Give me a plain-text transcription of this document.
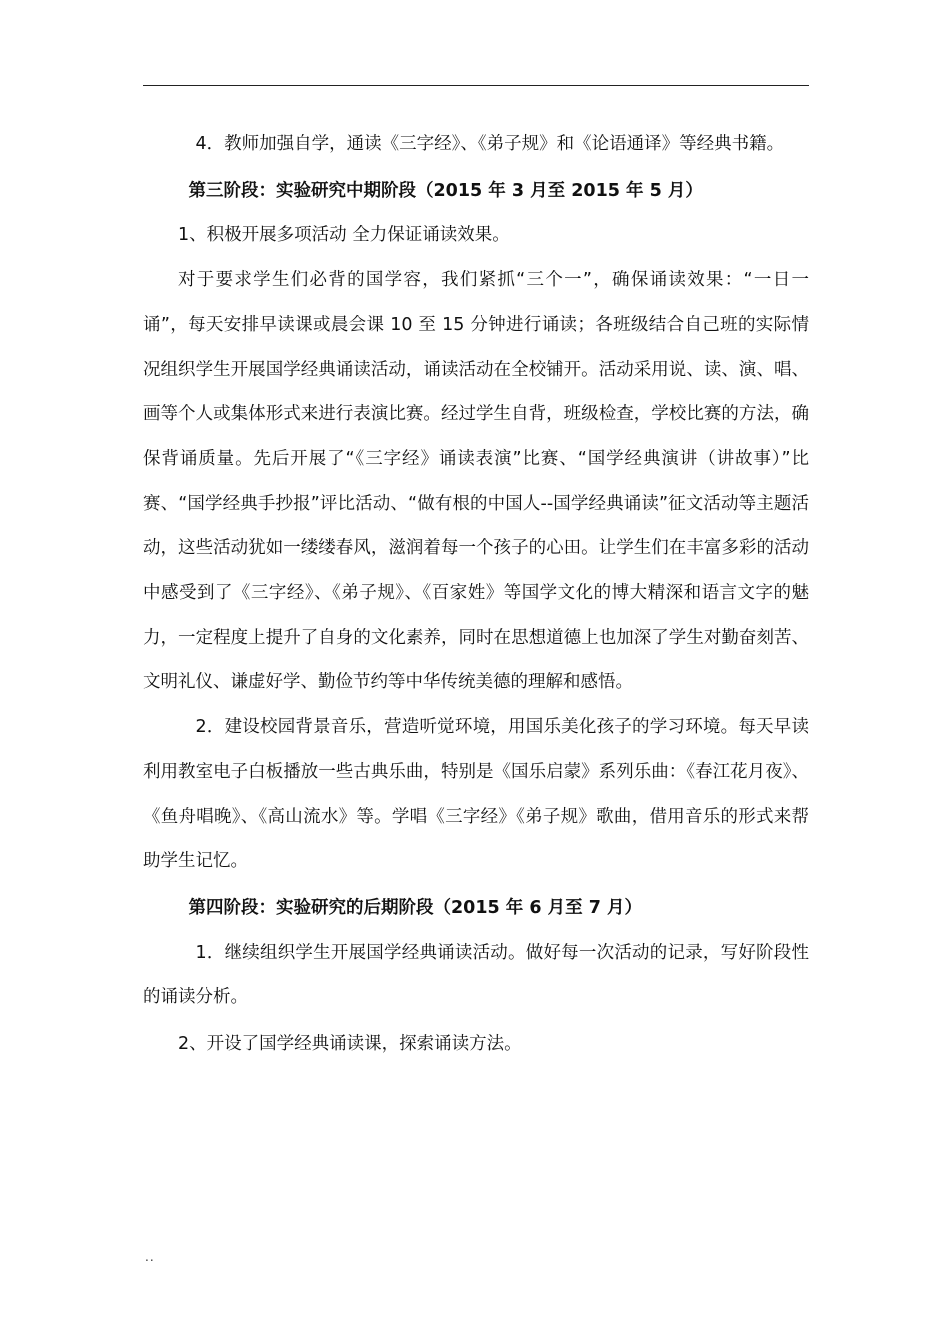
4．教师加强自学，通读《三字经》、《弟子规》和《论语通译》等经典书籍。

第三阶段：实验研究中期阶段（2015 年 3 月至 2015 年 5 月）

1、积极开展多项活动 全力保证诵读效果。

对于要求学生们必背的国学容，我们紧抓“三个一”，确保诵读效果：“一日一诵”，每天安排早读课或晨会课 10 至 15 分钟进行诵读；各班级结合自己班的实际情况组织学生开展国学经典诵读活动，诵读活动在全校铺开。活动采用说、读、演、唱、画等个人或集体形式来进行表演比赛。经过学生自背，班级检查，学校比赛的方法，确保背诵质量。先后开展了“《三字经》诵读表演”比赛、“国学经典演讲（讲故事）”比赛、“国学经典手抄报”评比活动、“做有根的中国人--国学经典诵读”征文活动等主题活动，这些活动犹如一缕缕春风，滋润着每一个孩子的心田。让学生们在丰富多彩的活动中感受到了《三字经》、《弟子规》、《百家姓》等国学文化的博大精深和语言文字的魅力，一定程度上提升了自身的文化素养，同时在思想道德上也加深了学生对勤奋刻苦、文明礼仪、谦虚好学、勤俭节约等中华传统美德的理解和感悟。

2．建设校园背景音乐，营造听觉环境，用国乐美化孩子的学习环境。每天早读利用教室电子白板播放一些古典乐曲，特别是《国乐启蒙》系列乐曲：《春江花月夜》、《鱼舟唱晚》、《高山流水》等。学唱《三字经》《弟子规》歌曲，借用音乐的形式来帮助学生记忆。

第四阶段：实验研究的后期阶段（2015 年 6 月至 7 月）

1．继续组织学生开展国学经典诵读活动。做好每一次活动的记录，写好阶段性的诵读分析。

2、开设了国学经典诵读课，探索诵读方法。

..
